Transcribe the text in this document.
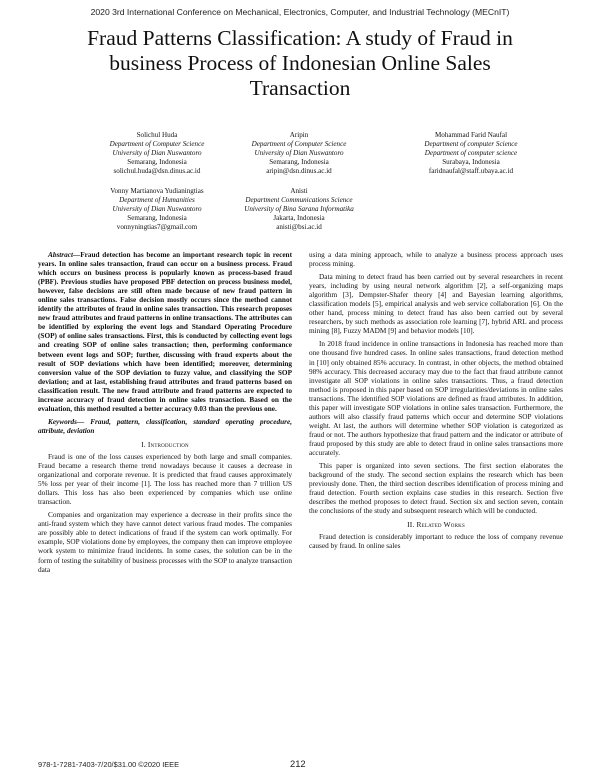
2020 3rd International Conference on Mechanical, Electronics, Computer, and Industrial Technology (MECnIT)
Fraud Patterns Classification: A study of Fraud in
business Process of Indonesian Online Sales
Transaction
Solichul Huda
Department of Computer Science
University of Dian Nuswantoro
Semarang, Indonesia
solichul.huda@dsn.dinus.ac.id
Aripin
Department of Computer Science
University of Dian Nuswantoro
Semarang, Indonesia
aripin@dsn.dinus.ac.id
Mohammad Farid Naufal
Department of computer Science
Department of computer science
Surabaya, Indonesia
faridnaufal@staff.ubaya.ac.id
Vonny Martianova Yudianingtias
Department of Humanities
University of Dian Nuswantoro
Semarang, Indonesia
vonnyningtias7@gmail.com
Anisti
Department Communications Science
University of Bina Sarana Informatika
Jakarta, Indonesia
anisti@bsi.ac.id

Abstract—Fraud detection has become an important research topic in recent years. In online sales transaction, fraud can occur on a business process. Fraud which occurs on business process is popularly known as process-based fraud (PBF). Previous studies have proposed PBF detection on process business model, however, false decisions are still often made because of new fraud pattern in online sales transactions. False decision mostly occurs since the method cannot identify the attributes of fraud in online sales transaction. This research proposes new fraud attributes and fraud patterns in online transactions. The attributes can be identified by exploring the event logs and Standard Operating Procedure (SOP) of online sales transactions. First, this is conducted by collecting event logs and creating SOP of online sales transaction; then, performing conformance between event logs and SOP; further, discussing with fraud experts about the result of SOP deviations which have been identified; moreover, determining conversion value of the SOP deviation to fuzzy value, and classifying the SOP deviation; and at last, establishing fraud attributes and fraud patterns based on classification result. The new fraud attribute and fraud patterns are expected to increase accuracy of fraud detection in online sales transaction. Based on the evaluation, this method resulted a better accuracy 0.03 than the previous one.

Keywords— Fraud, pattern, classification, standard operating procedure, attribute, deviation

I. Introduction

Fraud is one of the loss causes experienced by both large and small companies. Fraud became a research theme trend nowadays because it causes a decrease in organizational and corporate revenue. It is predicted that fraud causes approximately 5% loss per year of their income [1]. The loss has reached more than 7 trillion US dollars. This loss has also been experienced by companies which use online transaction.

Companies and organization may experience a decrease in their profits since the anti-fraud system which they have cannot detect various fraud modes. The companies are possibly able to detect indications of fraud if the system can work optimally. For example, SOP violations done by employees, the company then can improve employee work system to minimize fraud incidents. In some cases, the solution can be in the form of testing the suitability of business processes with the SOP to analyze transaction data

using a data mining approach, while to analyze a business process approach uses process mining.

Data mining to detect fraud has been carried out by several researchers in recent years, including by using neural network algorithm [2], a self-organizing maps algorithm [3], Dempster-Shafer theory [4] and Bayesian learning algorithms, classification models [5], empirical analysis and web service collaboration [6]. On the other hand, process mining to detect fraud has also been carried out by several researchers, by such methods as association role learning [7], hybrid ARL and process mining [8], Fuzzy MADM [9] and behavior models [10].

In 2018 fraud incidence in online transactions in Indonesia has reached more than one thousand five hundred cases. In online sales transactions, fraud detection method in [10] only obtained 85% accuracy. In contrast, in other objects, the method obtained 98% accuracy. This decreased accuracy may due to the fact that fraud attribute cannot investigate all SOP violations in online sales transactions. Thus, a fraud detection method is proposed in this paper based on SOP irregularities/deviations in online sales transactions. The identified SOP violations are defined as fraud attributes. In addition, this paper will investigate SOP violations in online sales transaction. Furthermore, the authors will also classify fraud patterns which occur and determine SOP violations weight. At last, the authors will determine whether SOP violation is categorized as fraud or not. The authors hypothesize that fraud pattern and the indicator or attribute of fraud proposed by this study are able to detect fraud in online sales transactions more accurately.

This paper is organized into seven sections. The first section elaborates the background of the study. The second section explains the research which has been previously done. Then, the third section describes identification of process mining and fraud detection. Fourth section explains case studies in this research. Section five describes the method proposes to detect fraud. Section six and section seven, contain the conclusions of the study and subsequent research which will be conducted.

II. Related Works

Fraud detection is considerably important to reduce the loss of company revenue caused by fraud. In online sales

978-1-7281-7403-7/20/$31.00 ©2020 IEEE	212
